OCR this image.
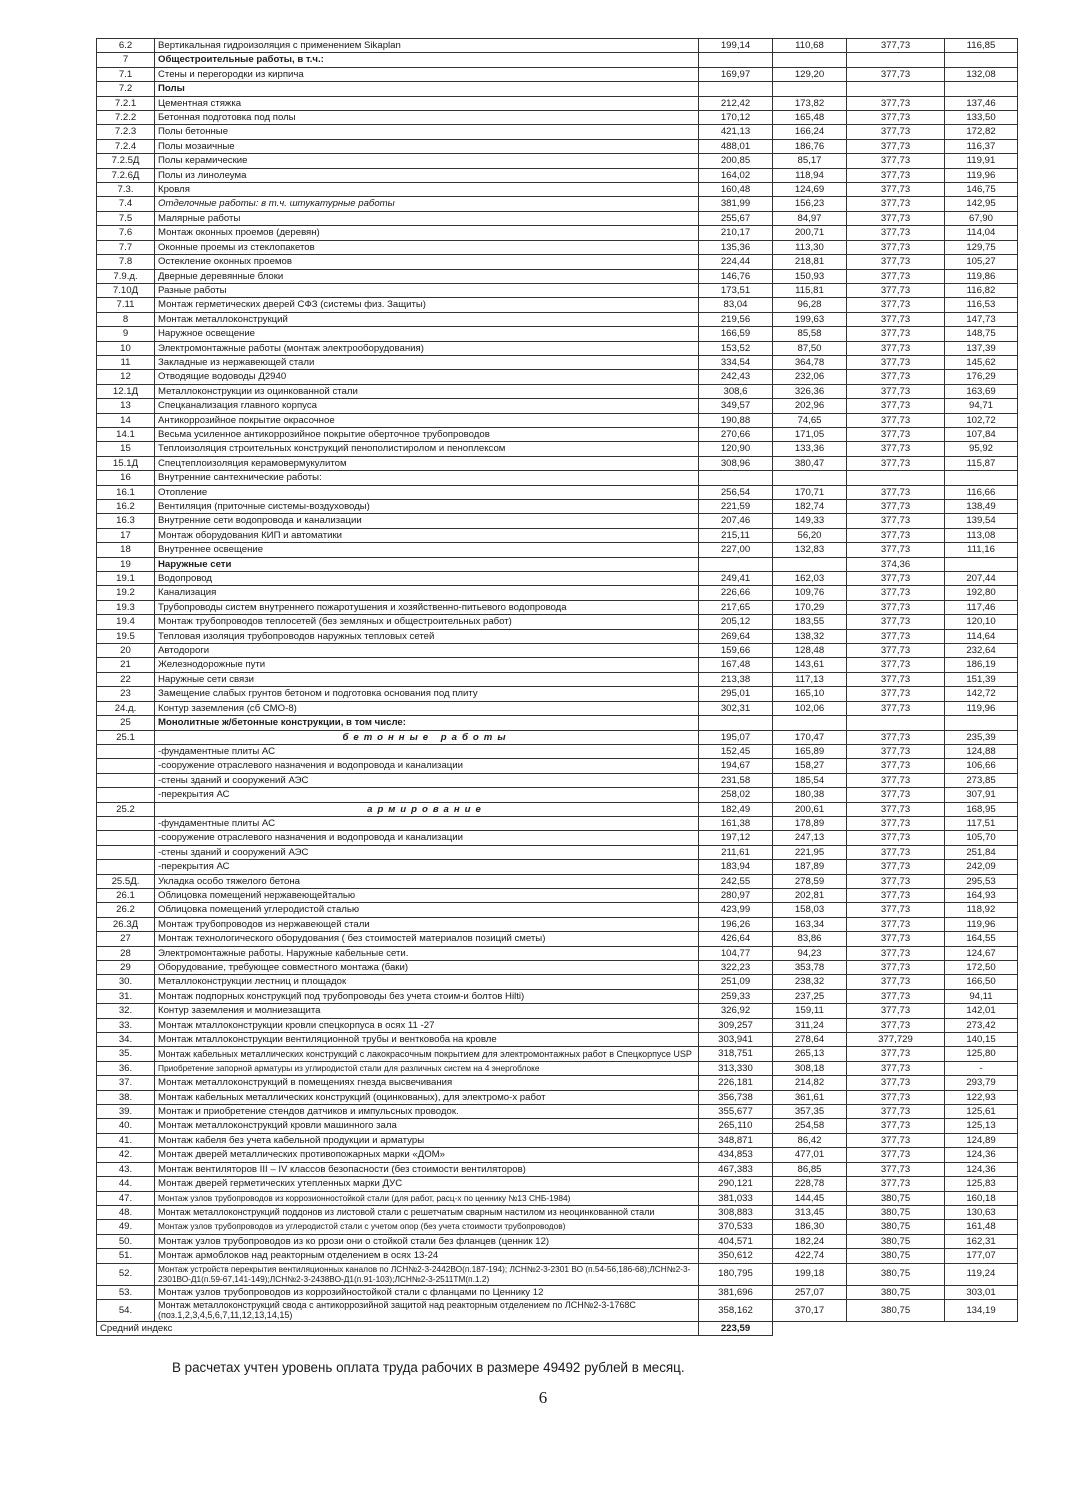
6.2	Вертикальная гидроизоляция с применением Sikaplan	199,14	110,68	377,73	116,85
7	Общестроительные работы, в т.ч.:				
7.1	Стены и перегородки из кирпича	169,97	129,20	377,73	132,08
7.2	Полы				
7.2.1	Цементная стяжка	212,42	173,82	377,73	137,46
7.2.2	Бетонная подготовка под полы	170,12	165,48	377,73	133,50
7.2.3	Полы бетонные	421,13	166,24	377,73	172,82
7.2.4	Полы мозаичные	488,01	186,76	377,73	116,37
7.2.5Д	Полы керамические	200,85	85,17	377,73	119,91
7.2.6Д	Полы из линолеума	164,02	118,94	377,73	119,96
7.3.	Кровля	160,48	124,69	377,73	146,75
7.4	Отделочные работы: в т.ч. штукатурные работы	381,99	156,23	377,73	142,95
7.5	Малярные работы	255,67	84,97	377,73	67,90
7.6	Монтаж оконных проемов (деревян)	210,17	200,71	377,73	114,04
7.7	Оконные проемы из стеклопакетов	135,36	113,30	377,73	129,75
7.8	Остекление оконных проемов	224,44	218,81	377,73	105,27
7.9.д.	Дверные деревянные блоки	146,76	150,93	377,73	119,86
7.10Д	Разные работы	173,51	115,81	377,73	116,82
7.11	Монтаж герметических дверей СФЗ (системы физ. Защиты)	83,04	96,28	377,73	116,53
8	Монтаж металлоконструкций	219,56	199,63	377,73	147,73
9	Наружное освещение	166,59	85,58	377,73	148,75
10	Электромонтажные работы (монтаж электрооборудования)	153,52	87,50	377,73	137,39
11	Закладные из нержавеющей стали	334,54	364,78	377,73	145,62
12	Отводящие водоводы Д2940	242,43	232,06	377,73	176,29
12.1Д	Металлоконструкции из оцинкованной стали	308,6	326,36	377,73	163,69
13	Спецканализация главного корпуса	349,57	202,96	377,73	94,71
14	Антикоррозийное покрытие окрасочное	190,88	74,65	377,73	102,72
14.1	Весьма усиленное антикоррозийное покрытие оберточное трубопроводов	270,66	171,05	377,73	107,84
15	Теплоизоляция строительных конструкций пенополистиролом и пеноплексом	120,90	133,36	377,73	95,92
15.1Д	Спецтеплоизоляция керамовермукулитом	308,96	380,47	377,73	115,87
16	Внутренние сантехнические работы:				
16.1	Отопление	256,54	170,71	377,73	116,66
16.2	Вентиляция (приточные системы-воздуховоды)	221,59	182,74	377,73	138,49
16.3	Внутренние сети водопровода и канализации	207,46	149,33	377,73	139,54
17	Монтаж оборудования КИП и автоматики	215,11	56,20	377,73	113,08
18	Внутреннее освещение	227,00	132,83	377,73	111,16
19	Наружные сети			374,36	
19.1	Водопровод	249,41	162,03	377,73	207,44
19.2	Канализация	226,66	109,76	377,73	192,80
19.3	Трубопроводы систем внутреннего пожаротушения и хозяйственно-питьевого водопровода	217,65	170,29	377,73	117,46
19.4	Монтаж трубопроводов теплосетей (без земляных и общестроительных работ)	205,12	183,55	377,73	120,10
19.5	Тепловая изоляция трубопроводов наружных тепловых сетей	269,64	138,32	377,73	114,64
20	Автодороги	159,66	128,48	377,73	232,64
21	Железнодорожные пути	167,48	143,61	377,73	186,19
22	Наружные сети связи	213,38	117,13	377,73	151,39
23	Замещение слабых грунтов бетоном и подготовка основания под плиту	295,01	165,10	377,73	142,72
24.д.	Контур заземления (сб СМО-8)	302,31	102,06	377,73	119,96
25	Монолитные ж/бетонные конструкции, в том числе:				
25.1	бетонные работы	195,07	170,47	377,73	235,39
	-фундаментные плиты АС	152,45	165,89	377,73	124,88
	-сооружение отраслевого назначения и водопровода и канализации	194,67	158,27	377,73	106,66
	-стены зданий и сооружений АЭС	231,58	185,54	377,73	273,85
	-перекрытия АС	258,02	180,38	377,73	307,91
25.2	армирование	182,49	200,61	377,73	168,95
	-фундаментные плиты АС	161,38	178,89	377,73	117,51
	-сооружение отраслевого назначения и водопровода и канализации	197,12	247,13	377,73	105,70
	-стены зданий и сооружений АЭС	211,61	221,95	377,73	251,84
	-перекрытия АС	183,94	187,89	377,73	242,09
25.5Д.	Укладка особо тяжелого бетона	242,55	278,59	377,73	295,53
26.1	Облицовка помещений нержавеющейталью	280,97	202,81	377,73	164,93
26.2	Облицовка помещений углеродистой сталью	423,99	158,03	377,73	118,92
26.3Д	Монтаж трубопроводов из нержавеющей стали	196,26	163,34	377,73	119,96
27	Монтаж технологического оборудования ( без стоимостей материалов позиций сметы)	426,64	83,86	377,73	164,55
28	Электромонтажные работы. Наружные кабельные сети.	104,77	94,23	377,73	124,67
29	Оборудование, требующее совместного монтажа (баки)	322,23	353,78	377,73	172,50
30.	Металлоконструкции лестниц и площадок	251,09	238,32	377,73	166,50
31.	Монтаж подпорных конструкций под трубопроводы без учета стоим-и болтов Hilti)	259,33	237,25	377,73	94,11
32.	Контур заземления и молниезащита	326,92	159,11	377,73	142,01
33.	Монтаж мталлоконструкции кровли спецкорпуса в осях 11 -27	309,257	311,24	377,73	273,42
34.	Монтаж мталлоконструкции вентиляционной трубы и вентковоба на кровле	303,941	278,64	377,729	140,15
35.	Монтаж кабельных металлических конструкций с лакокрасочным покрытием для электромонтажных работ в Спецкорпусе USP	318,751	265,13	377,73	125,80
36.	Приобретение запорной арматуры из углиродистой стали для различных систем на 4 энергоблоке	313,330	308,18	377,73	-
37.	Монтаж металлоконструкций в помещениях гнезда высвечивания	226,181	214,82	377,73	293,79
38.	Монтаж кабельных металлических конструкций (оцинкованых), для электромо-х работ	356,738	361,61	377,73	122,93
39.	Монтаж и приобретение стендов датчиков и импульсных проводок.	355,677	357,35	377,73	125,61
40.	Монтаж металлоконструкций кровли машинного зала	265,110	254,58	377,73	125,13
41.	Монтаж кабеля без учета кабельной продукции и арматуры	348,871	86,42	377,73	124,89
42.	Монтаж дверей металлических противопожарных марки «ДОМ»	434,853	477,01	377,73	124,36
43.	Монтаж вентиляторов III – IV классов безопасности (без стоимости вентиляторов)	467,383	86,85	377,73	124,36
44.	Монтаж дверей герметических утепленных марки ДУС	290,121	228,78	377,73	125,83
47.	Монтаж узлов трубопроводов из коррозионностойкой стали (для работ, расц-х по ценнику №13 СНБ-1984)	381,033	144,45	380,75	160,18
48.	Монтаж металлоконструкций поддонов из листовой стали с решетчатым сварным настилом из неоцинкованной стали	308,883	313,45	380,75	130,63
49.	Монтаж узлов трубопроводов из углеродистой стали с учетом опор (без учета стоимости трубопроводов)	370,533	186,30	380,75	161,48
50.	Монтаж узлов трубопроводов из ко ррози они о стойкой стали без фланцев (ценник 12)	404,571	182,24	380,75	162,31
51.	Монтаж армоблоков над реакторным отделением в осях 13-24	350,612	422,74	380,75	177,07
52.	Монтаж устройств перекрытия вентиляционных каналов по ЛСН№2-3-2442ВО(п.187-194); ЛСН№2-3-2301 ВО (п.54-56,186-68);ЛСН№2-3-2301ВО-Д1(п.59-67,141-149);ЛСН№2-3-2438ВО-Д1(п.91-103);ЛСН№2-3-2511ТМ(п.1.2)	180,795	199,18	380,75	119,24
53.	Монтаж узлов трубопроводов из коррозийностойкой стали с фланцами по Ценнику 12	381,696	257,07	380,75	303,01
54.	Монтаж металлоконструкций свода с антикоррозийной защитой над реакторным отделением по ЛСН№2-3-1768С (поз.1,2,3,4,5,6,7,11,12,13,14,15)	358,162	370,17	380,75	134,19
Средний индекс		223,59			
В расчетах учтен уровень оплата труда рабочих в размере 49492 рублей в месяц.
6
